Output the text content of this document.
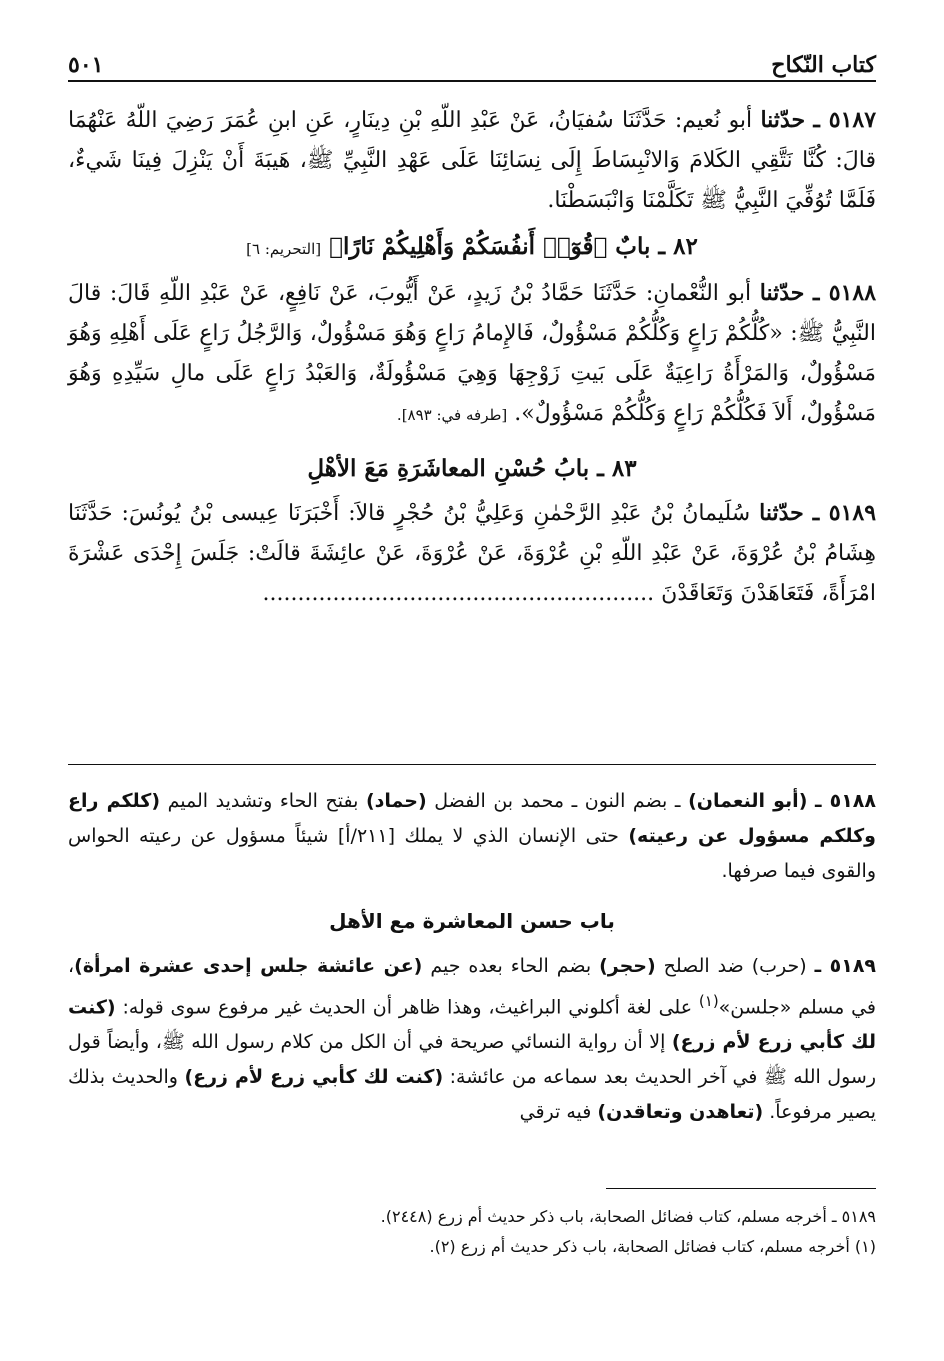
كتاب النّكاح
٥٠١

٥١٨٧ ـ حدّثنا أبو نُعيم: حَدَّثَنَا سُفيَانُ، عَنْ عَبْدِ اللّهِ بْنِ دِينَارٍ، عَنِ ابنِ عُمَرَ رَضِيَ اللّهُ عَنْهُمَا قالَ: كُنَّا نَتَّقِي الكَلامَ وَالانْبِسَاطَ إِلَى نِسَائِنَا عَلَى عَهْدِ النَّبِيِّ ﷺ، هَيبَةَ أَنْ يَنْزِلَ فِينَا شَيءٌ، فَلَمَّا تُوُفِّيَ النَّبِيُّ ﷺ تَكَلَّمْنَا وَانْبَسَطْنَا.

٨٢ ـ بابٌ ﴿قُوٓا۟ أَنفُسَكُمْ وَأَهْلِيكُمْ نَارًا﴾ [التحريم: ٦]

٥١٨٨ ـ حدّثنا أبو النُّعْمانِ: حَدَّثَنَا حَمَّادُ بْنُ زَيدٍ، عَنْ أَيُّوبَ، عَنْ نَافِعٍ، عَنْ عَبْدِ اللّهِ قَالَ: قالَ النَّبِيُّ ﷺ: «كُلُّكُمْ رَاعٍ وَكُلُّكُمْ مَسْؤُولٌ، فَالإِمامُ رَاعٍ وَهُوَ مَسْؤُولٌ، وَالرَّجُلُ رَاعٍ عَلَى أَهْلِهِ وَهُوَ مَسْؤُولٌ، وَالمَرْأَةُ رَاعِيَةٌ عَلَى بَيتِ زَوْجِهَا وَهِيَ مَسْؤُولَةٌ، وَالعَبْدُ رَاعٍ عَلَى مالِ سَيِّدِهِ وَهُوَ مَسْؤُولٌ، أَلاَ فَكُلُّكُمْ رَاعٍ وَكُلُّكُمْ مَسْؤُولٌ». [طرفه في: ٨٩٣].

٨٣ ـ بابُ حُسْنِ المعاشَرَةِ مَعَ الأهْلِ

٥١٨٩ ـ حدّثنا سُلَيمانُ بْنُ عَبْدِ الرَّحْمٰنِ وَعَلِيُّ بْنُ حُجْرٍ قالاَ: أَخْبَرَنَا عِيسى بْنُ يُونُسَ: حَدَّثَنَا هِشَامُ بْنُ عُرْوَةَ، عَنْ عَبْدِ اللّهِ بْنِ عُرْوَةَ، عَنْ عُرْوَةَ، عَنْ عائِشَةَ قالَتْ: جَلَسَ إِحْدَى عَشْرَةَ امْرَأَةً، فَتَعَاهَدْنَ وَتَعَاقَدْنَ ........................................................

٥١٨٨ ـ (أبو النعمان) ـ بضم النون ـ محمد بن الفضل (حماد) بفتح الحاء وتشديد الميم (كلكم راع وكلكم مسؤول عن رعيته) حتى الإنسان الذي لا يملك [٢١١/أ] شيئاً مسؤول عن رعيته الحواس والقوى فيما صرفها.

باب حسن المعاشرة مع الأهل

٥١٨٩ ـ (حرب) ضد الصلح (حجر) بضم الحاء بعده جيم (عن عائشة جلس إحدى عشرة امرأة)، في مسلم «جلسن»$^{(١)}$ على لغة أكلوني البراغيث، وهذا ظاهر أن الحديث غير مرفوع سوى قوله: (كنت لك كأبي زرع لأم زرع) إلا أن رواية النسائي صريحة في أن الكل من كلام رسول الله ﷺ، وأيضاً قول رسول الله ﷺ في آخر الحديث بعد سماعه من عائشة: (كنت لك كأبي زرع لأم زرع) والحديث بذلك يصير مرفوعاً. (تعاهدن وتعاقدن) فيه ترقي

٥١٨٩ ـ أخرجه مسلم، كتاب فضائل الصحابة، باب ذكر حديث أم زرع (٢٤٤٨).

(١) أخرجه مسلم، كتاب فضائل الصحابة، باب ذكر حديث أم زرع (٢).
